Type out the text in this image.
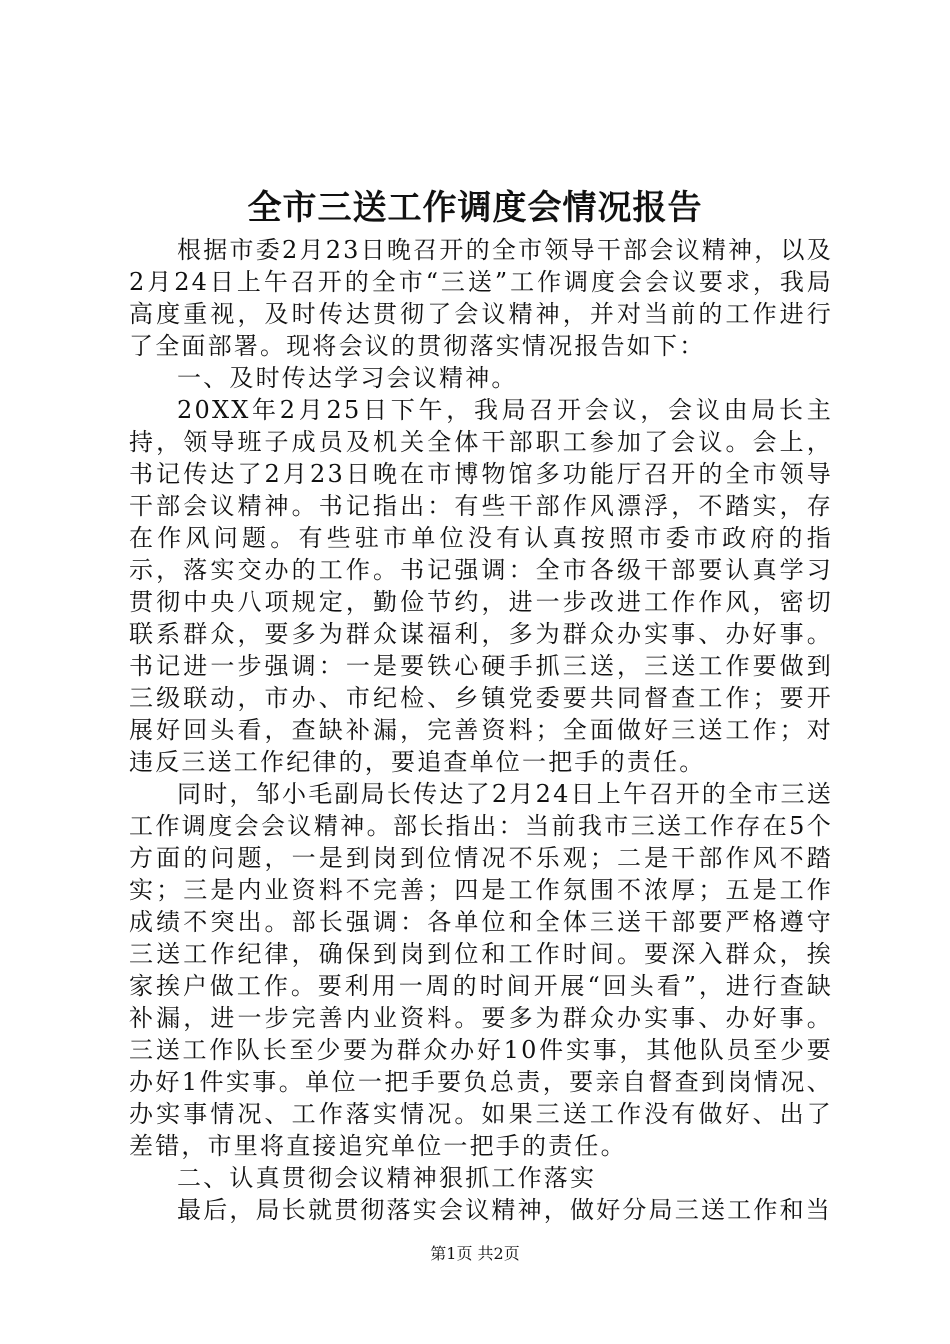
全市三送工作调度会情况报告

根据市委2月23日晚召开的全市领导干部会议精神，以及2月24日上午召开的全市“三送”工作调度会会议要求，我局高度重视，及时传达贯彻了会议精神，并对当前的工作进行了全面部署。现将会议的贯彻落实情况报告如下：

一、及时传达学习会议精神。

20XX年2月25日下午，我局召开会议，会议由局长主持，领导班子成员及机关全体干部职工参加了会议。会上，书记传达了2月23日晚在市博物馆多功能厅召开的全市领导干部会议精神。书记指出：有些干部作风漂浮，不踏实，存在作风问题。有些驻市单位没有认真按照市委市政府的指示，落实交办的工作。书记强调：全市各级干部要认真学习贯彻中央八项规定，勤俭节约，进一步改进工作作风，密切联系群众，要多为群众谋福利，多为群众办实事、办好事。书记进一步强调：一是要铁心硬手抓三送，三送工作要做到三级联动，市办、市纪检、乡镇党委要共同督查工作；要开展好回头看，查缺补漏，完善资料；全面做好三送工作；对违反三送工作纪律的，要追查单位一把手的责任。

同时，邹小毛副局长传达了2月24日上午召开的全市三送工作调度会会议精神。部长指出：当前我市三送工作存在5个方面的问题，一是到岗到位情况不乐观；二是干部作风不踏实；三是内业资料不完善；四是工作氛围不浓厚；五是工作成绩不突出。部长强调：各单位和全体三送干部要严格遵守三送工作纪律，确保到岗到位和工作时间。要深入群众，挨家挨户做工作。要利用一周的时间开展“回头看”，进行查缺补漏，进一步完善内业资料。要多为群众办实事、办好事。三送工作队长至少要为群众办好10件实事，其他队员至少要办好1件实事。单位一把手要负总责，要亲自督查到岗情况、办实事情况、工作落实情况。如果三送工作没有做好、出了差错，市里将直接追究单位一把手的责任。

二、认真贯彻会议精神狠抓工作落实

最后，局长就贯彻落实会议精神，做好分局三送工作和当

第1页 共2页
